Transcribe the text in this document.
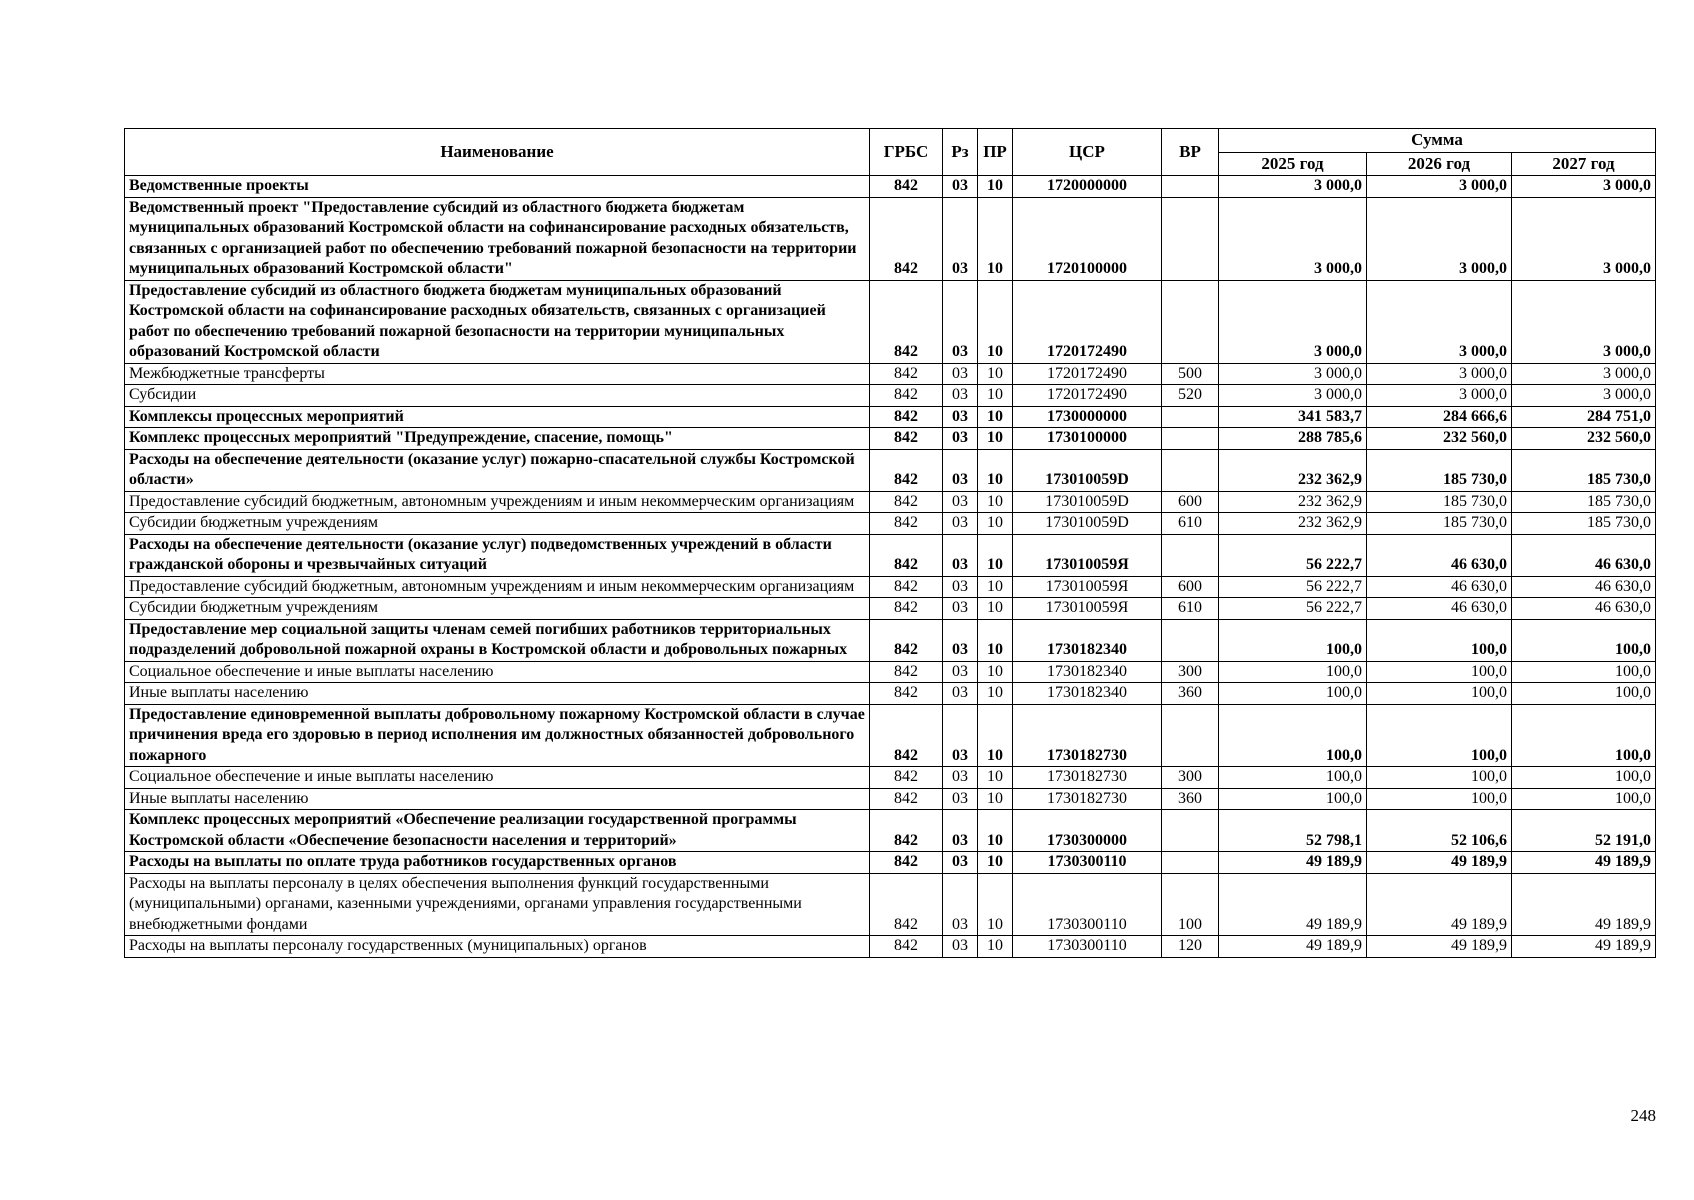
Наименование	ГРБС	Рз	ПР	ЦСР	ВР	Сумма		
						2025 год	2026 год	2027 год
Ведомственные проекты	842	03	10	1720000000		3 000,0	3 000,0	3 000,0
Ведомственный проект "Предоставление субсидий из областного бюджета бюджетам муниципальных образований Костромской области на софинансирование расходных обязательств, связанных с организацией работ по обеспечению требований пожарной безопасности на территории муниципальных образований Костромской области"	842	03	10	1720100000		3 000,0	3 000,0	3 000,0
Предоставление субсидий из областного бюджета бюджетам муниципальных образований Костромской области на софинансирование расходных обязательств, связанных с организацией работ по обеспечению требований пожарной безопасности на территории муниципальных образований Костромской области	842	03	10	1720172490		3 000,0	3 000,0	3 000,0
Межбюджетные трансферты	842	03	10	1720172490	500	3 000,0	3 000,0	3 000,0
Субсидии	842	03	10	1720172490	520	3 000,0	3 000,0	3 000,0
Комплексы процессных мероприятий	842	03	10	1730000000		341 583,7	284 666,6	284 751,0
Комплекс процессных мероприятий "Предупреждение, спасение, помощь"	842	03	10	1730100000		288 785,6	232 560,0	232 560,0
Расходы на обеспечение деятельности (оказание услуг) пожарно-спасательной службы Костромской области»	842	03	10	173010059D		232 362,9	185 730,0	185 730,0
Предоставление субсидий бюджетным, автономным учреждениям и иным некоммерческим организациям	842	03	10	173010059D	600	232 362,9	185 730,0	185 730,0
Субсидии бюджетным учреждениям	842	03	10	173010059D	610	232 362,9	185 730,0	185 730,0
Расходы на обеспечение деятельности (оказание услуг) подведомственных учреждений в области гражданской обороны и чрезвычайных ситуаций	842	03	10	173010059Я		56 222,7	46 630,0	46 630,0
Предоставление субсидий бюджетным, автономным учреждениям и иным некоммерческим организациям	842	03	10	173010059Я	600	56 222,7	46 630,0	46 630,0
Субсидии бюджетным учреждениям	842	03	10	173010059Я	610	56 222,7	46 630,0	46 630,0
Предоставление мер социальной защиты членам семей погибших работников территориальных подразделений добровольной пожарной охраны в Костромской области и добровольных пожарных	842	03	10	1730182340		100,0	100,0	100,0
Социальное обеспечение и иные выплаты населению	842	03	10	1730182340	300	100,0	100,0	100,0
Иные выплаты населению	842	03	10	1730182340	360	100,0	100,0	100,0
Предоставление единовременной выплаты добровольному пожарному Костромской области в случае причинения вреда его здоровью в период исполнения им должностных обязанностей добровольного пожарного	842	03	10	1730182730		100,0	100,0	100,0
Социальное обеспечение и иные выплаты населению	842	03	10	1730182730	300	100,0	100,0	100,0
Иные выплаты населению	842	03	10	1730182730	360	100,0	100,0	100,0
Комплекс процессных мероприятий «Обеспечение реализации государственной программы Костромской области «Обеспечение безопасности населения и территорий»	842	03	10	1730300000		52 798,1	52 106,6	52 191,0
Расходы на выплаты по оплате труда работников государственных органов	842	03	10	1730300110		49 189,9	49 189,9	49 189,9
Расходы на выплаты персоналу в целях обеспечения выполнения функций государственными (муниципальными) органами, казенными учреждениями, органами управления государственными внебюджетными фондами	842	03	10	1730300110	100	49 189,9	49 189,9	49 189,9
Расходы на выплаты персоналу государственных (муниципальных) органов	842	03	10	1730300110	120	49 189,9	49 189,9	49 189,9
248
